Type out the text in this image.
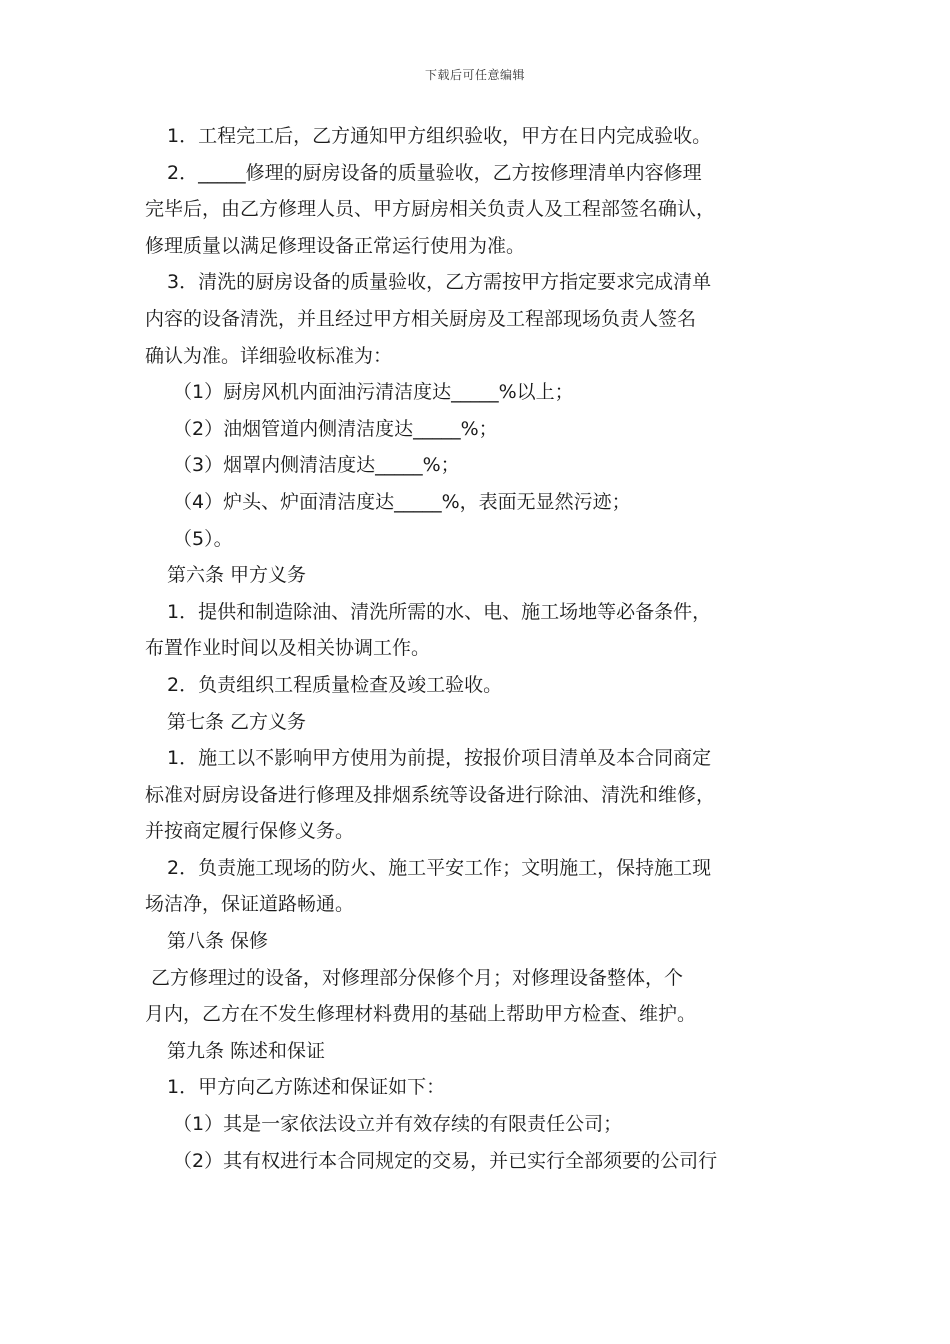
下载后可任意编辑
1．工程完工后，乙方通知甲方组织验收，甲方在日内完成验收。
2．_____修理的厨房设备的质量验收，乙方按修理清单内容修理
完毕后，由乙方修理人员、甲方厨房相关负责人及工程部签名确认，
修理质量以满足修理设备正常运行使用为准。
3．清洗的厨房设备的质量验收，乙方需按甲方指定要求完成清单
内容的设备清洗，并且经过甲方相关厨房及工程部现场负责人签名
确认为准。详细验收标准为：
（1）厨房风机内面油污清洁度达_____%以上；
（2）油烟管道内侧清洁度达_____%；
（3）烟罩内侧清洁度达_____%；
（4）炉头、炉面清洁度达_____%，表面无显然污迹；
（5）。
第六条 甲方义务
1．提供和制造除油、清洗所需的水、电、施工场地等必备条件，
布置作业时间以及相关协调工作。
2．负责组织工程质量检查及竣工验收。
第七条 乙方义务
1．施工以不影响甲方使用为前提，按报价项目清单及本合同商定
标准对厨房设备进行修理及排烟系统等设备进行除油、清洗和维修，
并按商定履行保修义务。
2．负责施工现场的防火、施工平安工作；文明施工，保持施工现
场洁净，保证道路畅通。
第八条 保修
乙方修理过的设备，对修理部分保修个月；对修理设备整体，个
月内，乙方在不发生修理材料费用的基础上帮助甲方检查、维护。
第九条 陈述和保证
1．甲方向乙方陈述和保证如下：
（1）其是一家依法设立并有效存续的有限责任公司；
（2）其有权进行本合同规定的交易，并已实行全部须要的公司行
